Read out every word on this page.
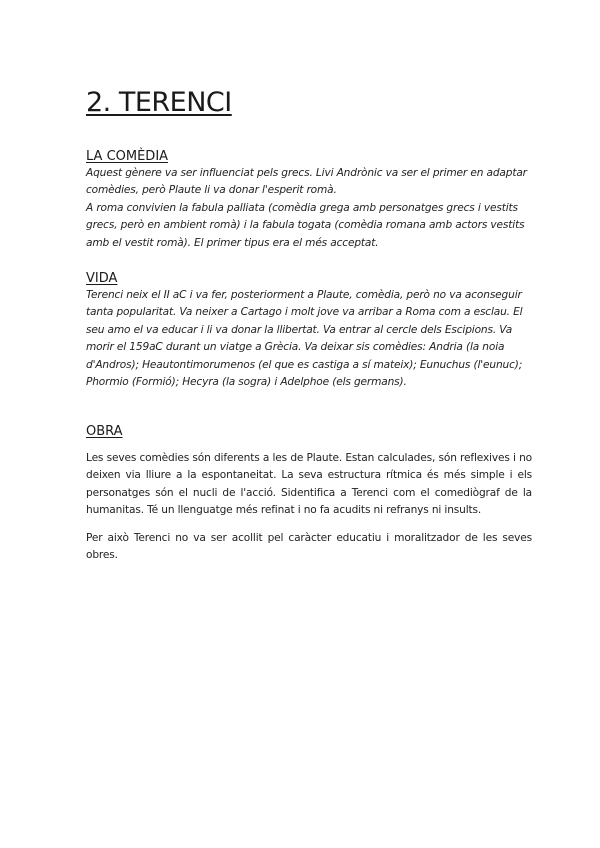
2. TERENCI
LA COMÈDIA

Aquest gènere va ser influenciat pels grecs. Livi Andrònic va ser el primer en adaptar comèdies, però Plaute li va donar l'esperit romà.

A roma convivien la fabula palliata (comèdia grega amb personatges grecs i vestits grecs, però en ambient romà) i la fabula togata (comèdia romana amb actors vestits amb el vestit romà). El primer tipus era el més acceptat.

VIDA

Terenci neix el II aC i va fer, posteriorment a Plaute, comèdia, però no va aconseguir tanta popularitat. Va neixer a Cartago i molt jove va arribar a Roma com a esclau. El seu amo el va educar i li va donar la llibertat. Va entrar al cercle dels Escipions. Va morir el 159aC durant un viatge a Grècia. Va deixar sis comèdies: Andria (la noia d'Andros); Heautontimorumenos (el que es castiga a sí mateix); Eunuchus (l'eunuc); Phormio (Formió); Hecyra (la sogra) i Adelphoe (els germans).

OBRA

Les seves comèdies són diferents a les de Plaute. Estan calculades, són reflexives i no deixen via lliure a la espontaneitat. La seva estructura rítmica és més simple i els personatges són el nucli de l'acció. Sidentifica a Terenci com el comediògraf de la humanitas. Té un llenguatge més refinat i no fa acudits ni refranys ni insults.

Per això Terenci no va ser acollit pel caràcter educatiu i moralitzador de les seves obres.
